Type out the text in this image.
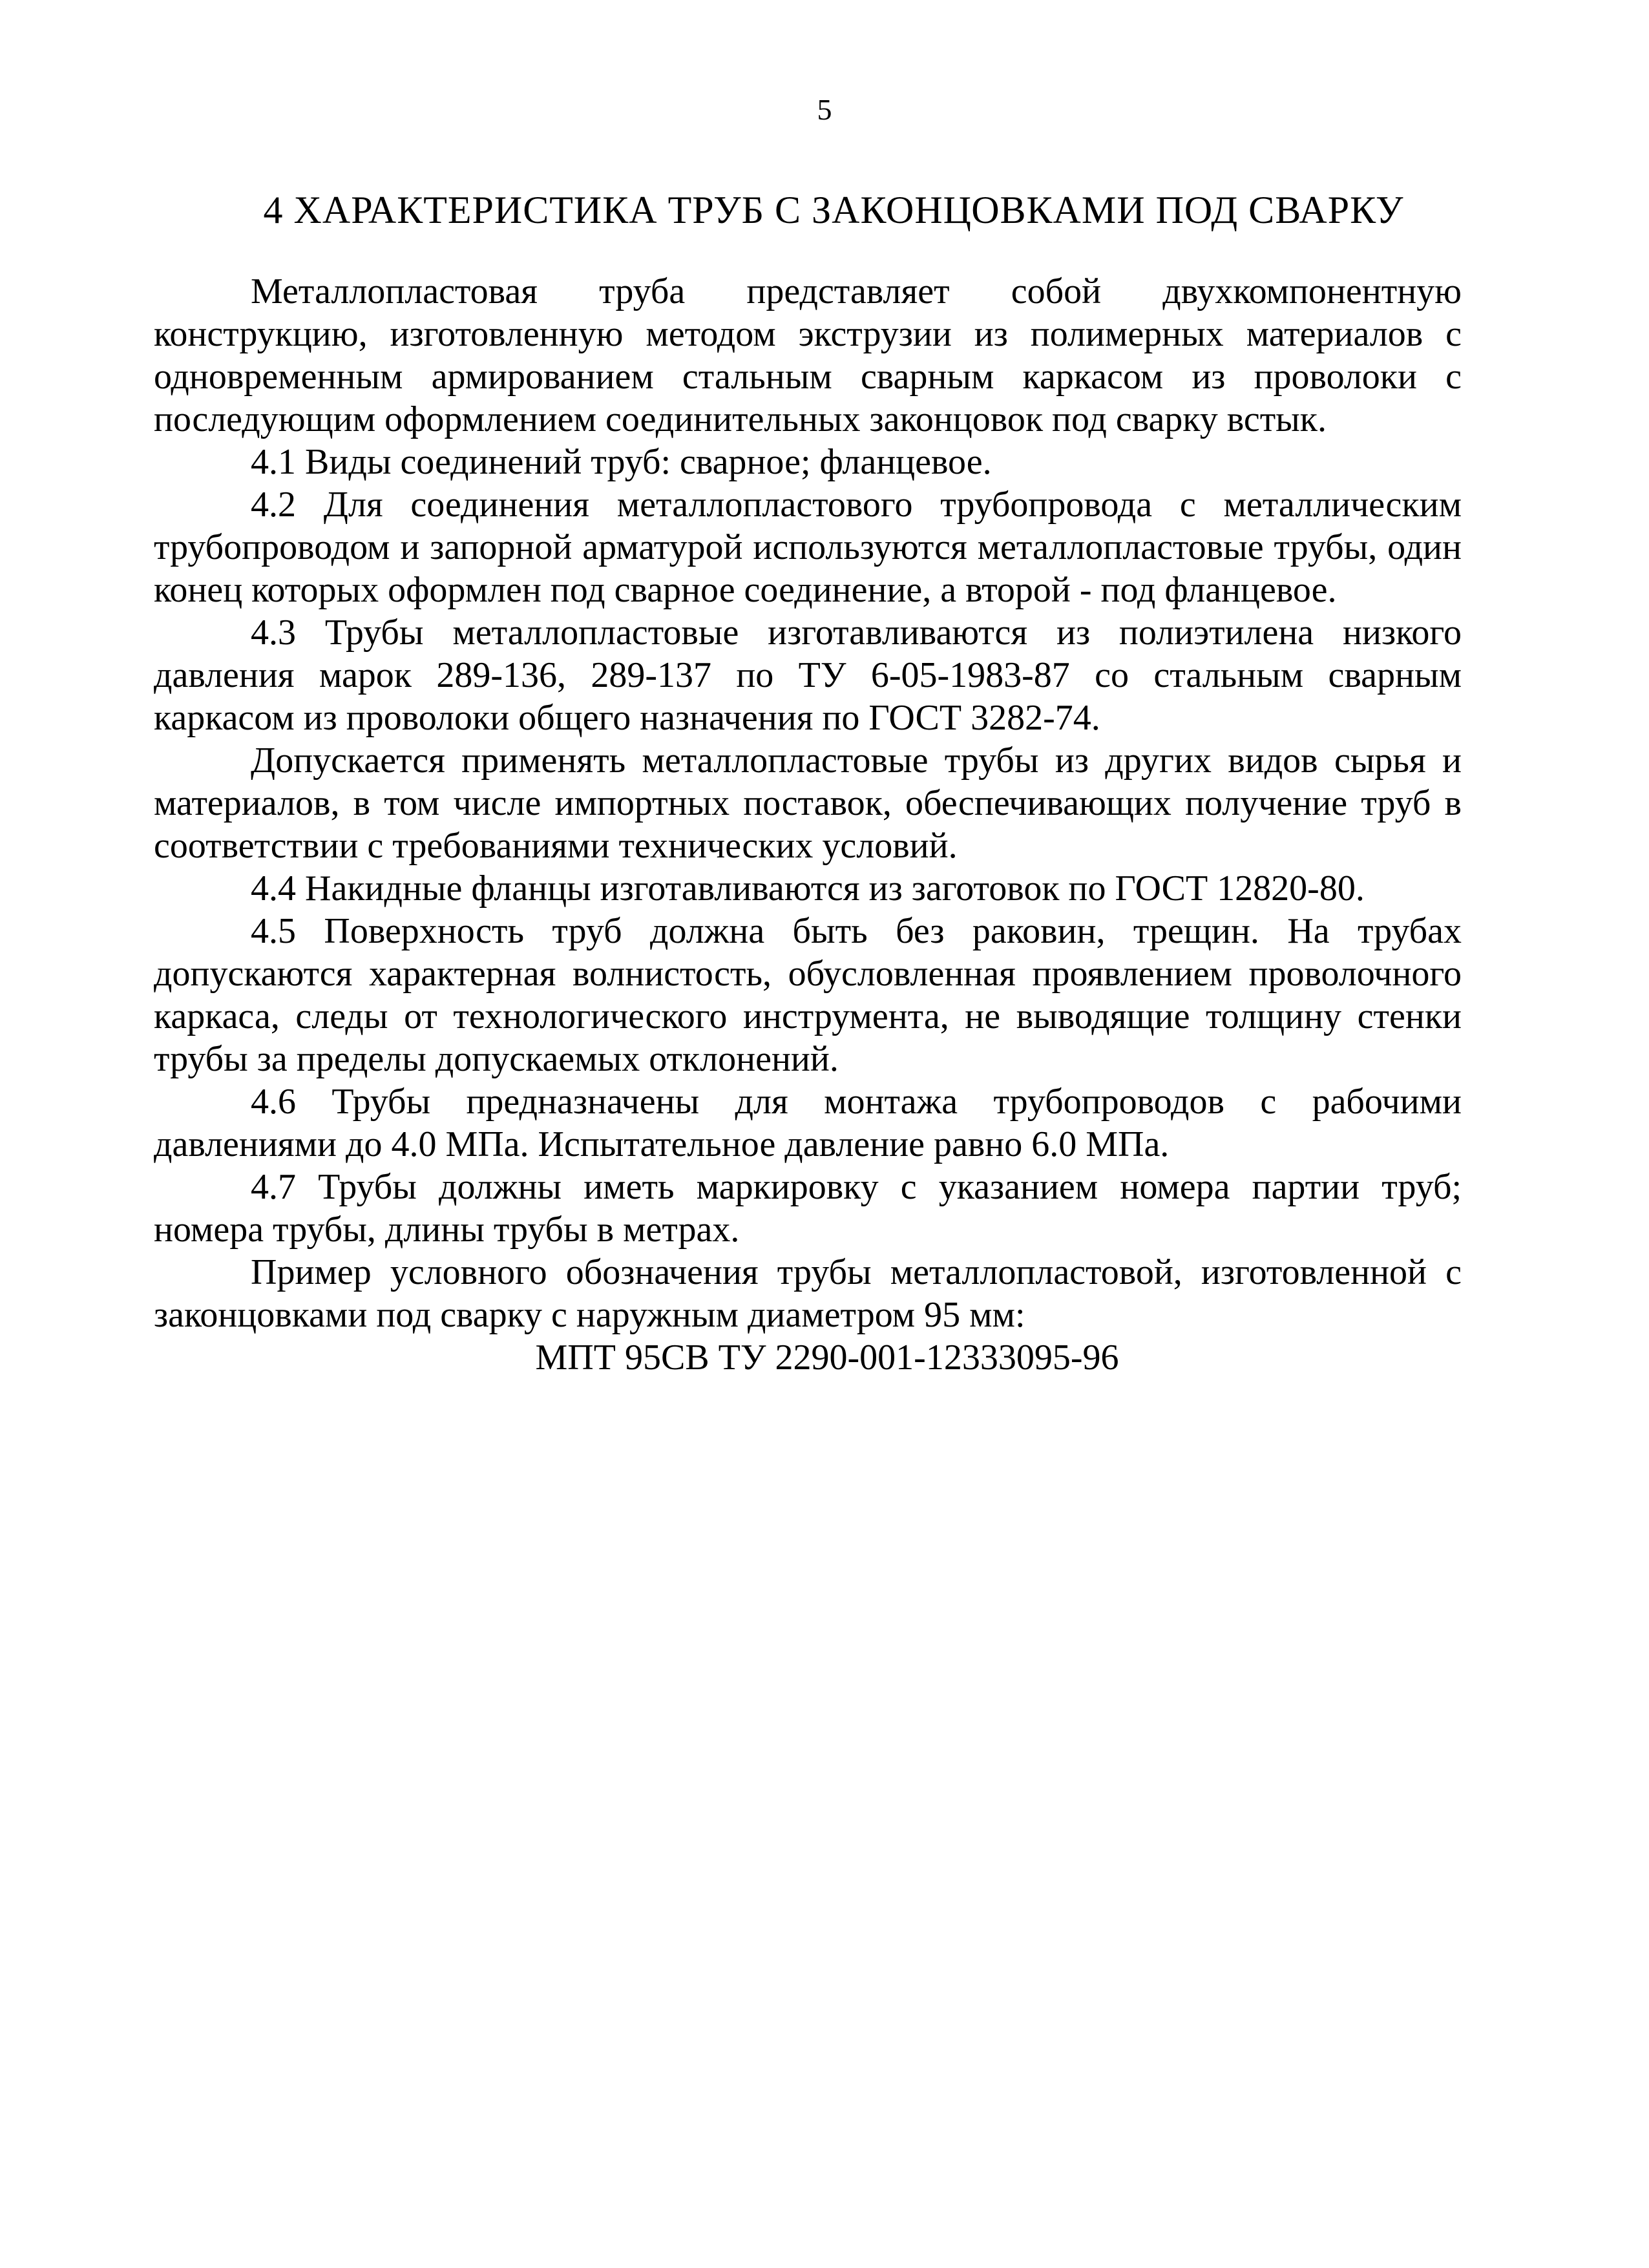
5
4 ХАРАКТЕРИСТИКА ТРУБ С ЗАКОНЦОВКАМИ ПОД СВАРКУ

Металлопластовая труба представляет собой двухкомпонентную конструкцию, изготовленную методом экструзии из полимерных материалов с одновременным армированием стальным сварным каркасом из проволоки с последующим оформлением соединительных законцовок под сварку встык.

4.1 Виды соединений труб: сварное; фланцевое.

4.2 Для соединения металлопластового трубопровода с металлическим трубопроводом и запорной арматурой используются металлопластовые трубы, один конец которых оформлен под сварное соединение, а второй - под фланцевое.

4.3 Трубы металлопластовые изготавливаются из полиэтилена низкого давления марок 289-136, 289-137 по ТУ 6-05-1983-87 со стальным сварным каркасом из проволоки общего назначения по ГОСТ 3282-74.

Допускается применять металлопластовые трубы из других видов сырья и материалов, в том числе импортных поставок, обеспечивающих получение труб в соответствии с требованиями технических условий.

4.4 Накидные фланцы изготавливаются из заготовок по ГОСТ 12820-80.

4.5 Поверхность труб должна быть без раковин, трещин. На трубах допускаются характерная волнистость, обусловленная проявлением проволочного каркаса, следы от технологического инструмента, не выводящие толщину стенки трубы за пределы допускаемых отклонений.

4.6 Трубы предназначены для монтажа трубопроводов с рабочими давлениями до 4.0 МПа. Испытательное давление равно 6.0 МПа.

4.7 Трубы должны иметь маркировку с указанием номера партии труб; номера трубы, длины трубы в метрах.

Пример условного обозначения трубы металлопластовой, изготовленной с законцовками под сварку с наружным диаметром 95 мм:

МПТ 95СВ ТУ 2290-001-12333095-96
